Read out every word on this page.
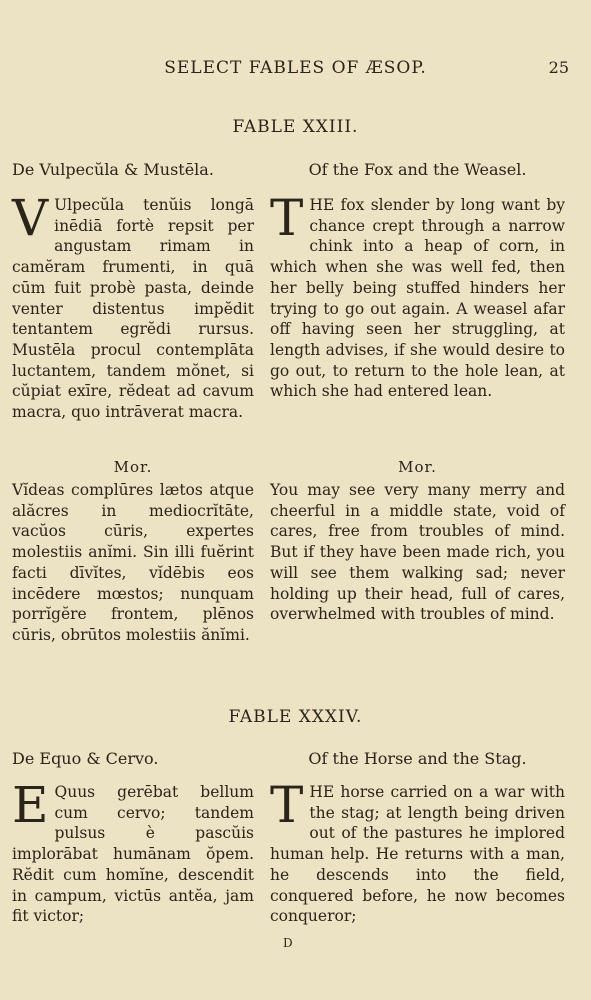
SELECT FABLES OF ÆSOP.	25
FABLE XXIII.
De Vulpecŭla & Mustēla.
V Ulpecŭla tenŭis longā inēdiā fortè repsit per angustam rimam in camĕram frumenti, in quā cūm fuit probè pasta, deinde venter distentus impĕdit tentantem egrĕdi rursus. Mustēla procul contemplāta luctantem, tandem mŏnet, si cŭpiat exīre, rĕdeat ad cavum macra, quo intrāverat macra.
Of the Fox and the Weasel.
THE fox slender by long want by chance crept through a narrow chink into a heap of corn, in which when she was well fed, then her belly being stuffed hinders her trying to go out again. A weasel afar off having seen her struggling, at length advises, if she would desire to go out, to return to the hole lean, at which she had entered lean.
Mor.
Vĭdeas complūres lætos atque alăcres in mediocrĭtāte, vacŭos cūris, expertes molestiis anĭmi. Sin illi fuĕrint facti dīvĭtes, vĭdēbis eos incēdere mœstos; nunquam porrĭgĕre frontem, plēnos cūris, obrūtos molestiis ănĭmi.
Mor.
You may see very many merry and cheerful in a middle state, void of cares, free from troubles of mind. But if they have been made rich, you will see them walking sad; never holding up their head, full of cares, overwhelmed with troubles of mind.
FABLE XXXIV.
De Equo & Cervo.
E Quus gerēbat bellum cum cervo; tandem pulsus è pascŭis implorābat humānam ŏpem. Rĕdit cum homĭne, descendit in campum, victūs antĕa, jam fit victor;
Of the Horse and the Stag.
THE horse carried on a war with the stag; at length being driven out of the pastures he implored human help. He returns with a man, he descends into the field, conquered before, he now becomes conqueror;
D
